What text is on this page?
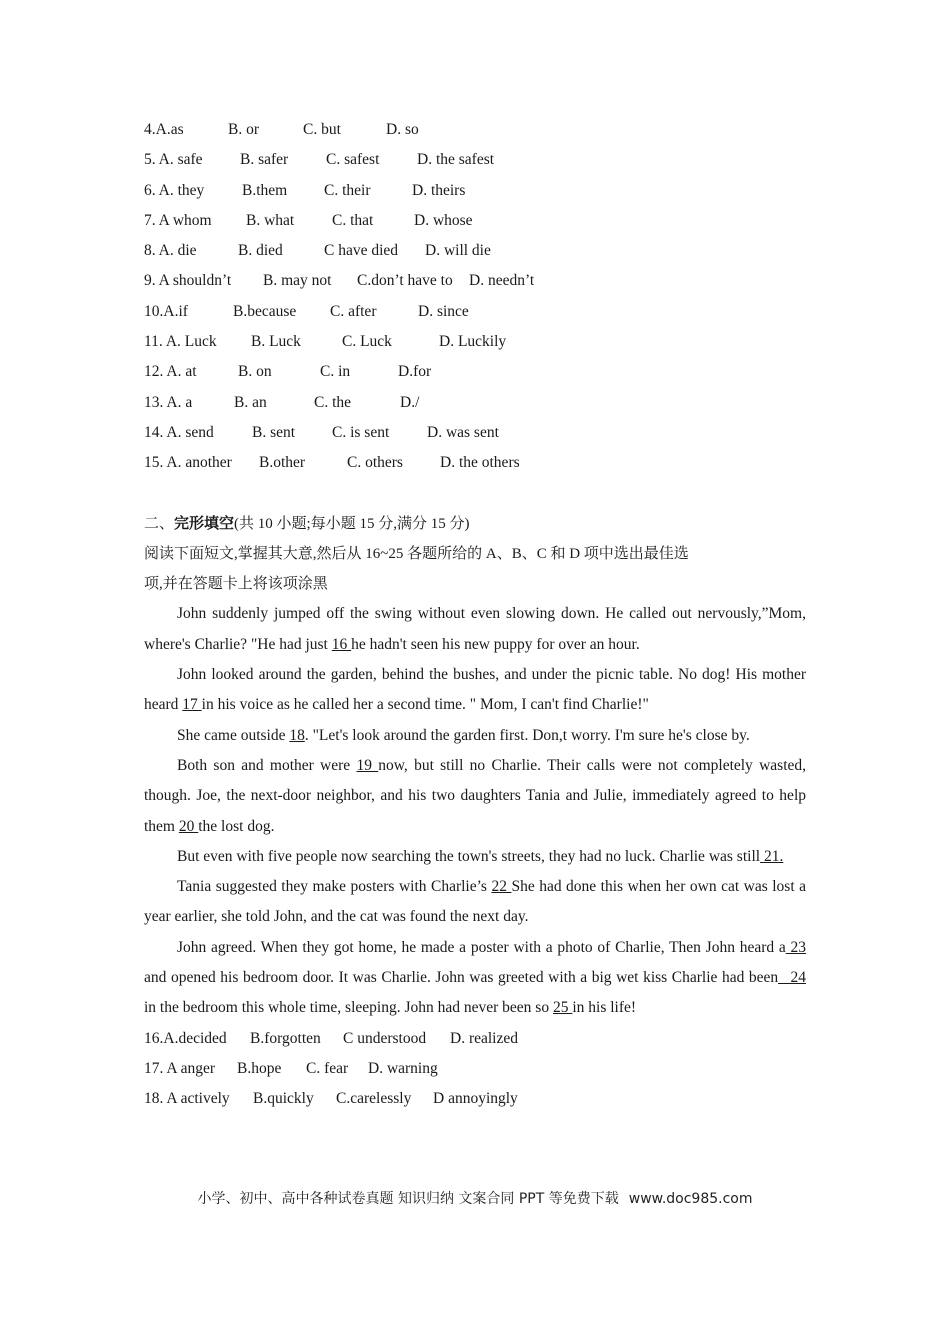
4.A.as	B. or	C. but	D. so
5. A. safe B. safer C. safest D. the safest
6. A. they B.them C. their	D. theirs
7. A whom B. what C. that	D. whose
8. A. die	B. died	C have died D. will die
9. A shouldn’t B. may not C.don’t have to D. needn’t
10.A.if	B.because C. after	D. since
11. A. Luck B. Luck	C. Luck	D. Luckily
12. A. at	B. on	C. in	D.for
13. A. a	B. an	C. the	D./
14. A. send B. sent C. is sent D. was sent
15. A. another B.other	C. others D. the others
二、完形填空(共 10 小题;每小题 15 分,满分 15 分)
阅读下面短文,掌握其大意,然后从 16~25 各题所给的 A、B、C 和 D 项中选出最佳选
项,并在答题卡上将该项涂黑

John suddenly jumped off the swing without even slowing down. He called out nervously,”Mom, where's Charlie? "He had just 16 he hadn't seen his new puppy for over an hour.

John looked around the garden, behind the bushes, and under the picnic table. No dog! His mother heard 17 in his voice as he called her a second time. " Mom, I can't find Charlie!"

She came outside 18. "Let's look around the garden first. Don,t worry. I'm sure he's close by.

Both son and mother were 19 now, but still no Charlie. Their calls were not completely wasted, though. Joe, the next-door neighbor, and his two daughters Tania and Julie, immediately agreed to help them 20 the lost dog.

But even with five people now searching the town's streets, they had no luck. Charlie was still 21.

Tania suggested they make posters with Charlie’s 22 She had done this when her own cat was lost a year earlier, she told John, and the cat was found the next day.

John agreed. When they got home, he made a poster with a photo of Charlie, Then John heard a 23 and opened his bedroom door. It was Charlie. John was greeted with a big wet kiss Charlie had been_ 24 in the bedroom this whole time, sleeping. John had never been so 25 in his life!

16.A.decided B.forgotten C understood D. realized
17. A anger B.hope C. fear D. warning
18. A actively B.quickly C.carelessly D annoyingly
小学、初中、高中各种试卷真题 知识归纳 文案合同 PPT 等免费下载 www.doc985.com
